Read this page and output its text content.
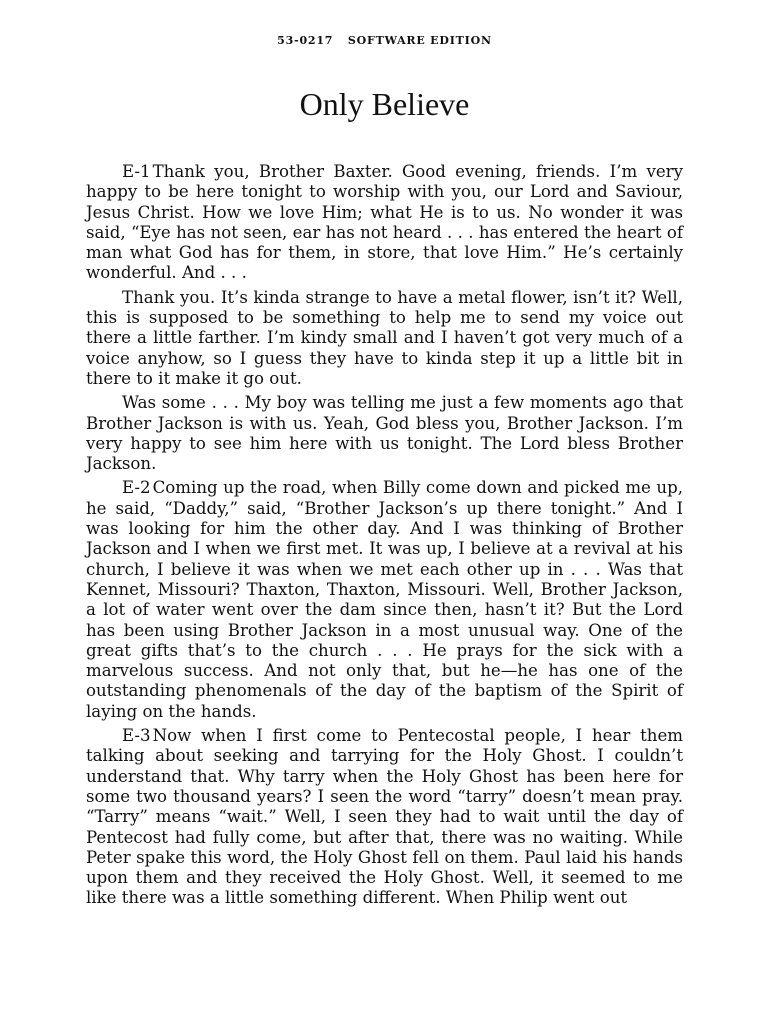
53-0217 SOFTWARE EDITION
Only Believe

E-1 Thank you, Brother Baxter. Good evening, friends. I’m very happy to be here tonight to worship with you, our Lord and Saviour, Jesus Christ. How we love Him; what He is to us. No wonder it was said, “Eye has not seen, ear has not heard . . . has entered the heart of man what God has for them, in store, that love Him.” He’s certainly wonderful. And . . .

Thank you. It’s kinda strange to have a metal flower, isn’t it? Well, this is supposed to be something to help me to send my voice out there a little farther. I’m kindy small and I haven’t got very much of a voice anyhow, so I guess they have to kinda step it up a little bit in there to it make it go out.

Was some . . . My boy was telling me just a few moments ago that Brother Jackson is with us. Yeah, God bless you, Brother Jackson. I’m very happy to see him here with us tonight. The Lord bless Brother Jackson.

E-2 Coming up the road, when Billy come down and picked me up, he said, “Daddy,” said, “Brother Jackson’s up there tonight.” And I was looking for him the other day. And I was thinking of Brother Jackson and I when we first met. It was up, I believe at a revival at his church, I believe it was when we met each other up in . . . Was that Kennet, Missouri? Thaxton, Thaxton, Missouri. Well, Brother Jackson, a lot of water went over the dam since then, hasn’t it? But the Lord has been using Brother Jackson in a most unusual way. One of the great gifts that’s to the church . . . He prays for the sick with a marvelous success. And not only that, but he—he has one of the outstanding phenomenals of the day of the baptism of the Spirit of laying on the hands.

E-3 Now when I first come to Pentecostal people, I hear them talking about seeking and tarrying for the Holy Ghost. I couldn’t understand that. Why tarry when the Holy Ghost has been here for some two thousand years? I seen the word “tarry” doesn’t mean pray. “Tarry” means “wait.” Well, I seen they had to wait until the day of Pentecost had fully come, but after that, there was no waiting. While Peter spake this word, the Holy Ghost fell on them. Paul laid his hands upon them and they received the Holy Ghost. Well, it seemed to me like there was a little something different. When Philip went out
